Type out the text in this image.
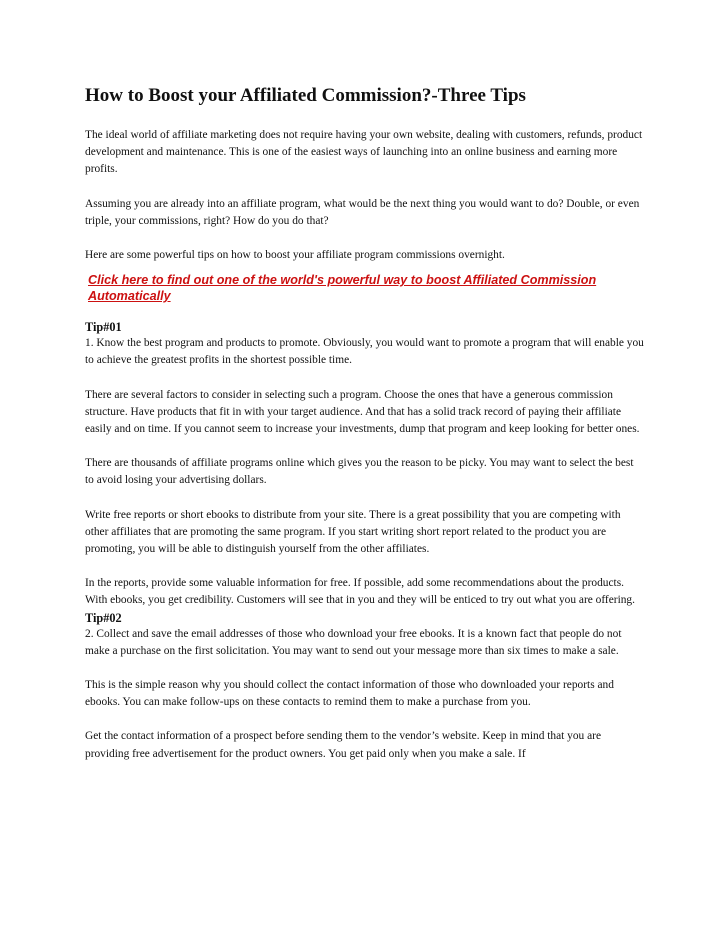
How to Boost your Affiliated Commission?-Three Tips

The ideal world of affiliate marketing does not require having your own website, dealing with customers, refunds, product development and maintenance. This is one of the easiest ways of launching into an online business and earning more profits.

Assuming you are already into an affiliate program, what would be the next thing you would want to do? Double, or even triple, your commissions, right? How do you do that?

Here are some powerful tips on how to boost your affiliate program commissions overnight.

Click here to find out one of the world's powerful way to boost Affiliated Commission Automatically
Tip#01

1. Know the best program and products to promote. Obviously, you would want to promote a program that will enable you to achieve the greatest profits in the shortest possible time.

There are several factors to consider in selecting such a program. Choose the ones that have a generous commission structure. Have products that fit in with your target audience. And that has a solid track record of paying their affiliate easily and on time. If you cannot seem to increase your investments, dump that program and keep looking for better ones.

There are thousands of affiliate programs online which gives you the reason to be picky. You may want to select the best to avoid losing your advertising dollars.

Write free reports or short ebooks to distribute from your site. There is a great possibility that you are competing with other affiliates that are promoting the same program. If you start writing short report related to the product you are promoting, you will be able to distinguish yourself from the other affiliates.

In the reports, provide some valuable information for free. If possible, add some recommendations about the products. With ebooks, you get credibility. Customers will see that in you and they will be enticed to try out what you are offering.

Tip#02

2. Collect and save the email addresses of those who download your free ebooks. It is a known fact that people do not make a purchase on the first solicitation. You may want to send out your message more than six times to make a sale.

This is the simple reason why you should collect the contact information of those who downloaded your reports and ebooks. You can make follow-ups on these contacts to remind them to make a purchase from you.

Get the contact information of a prospect before sending them to the vendor’s website. Keep in mind that you are providing free advertisement for the product owners. You get paid only when you make a sale. If
